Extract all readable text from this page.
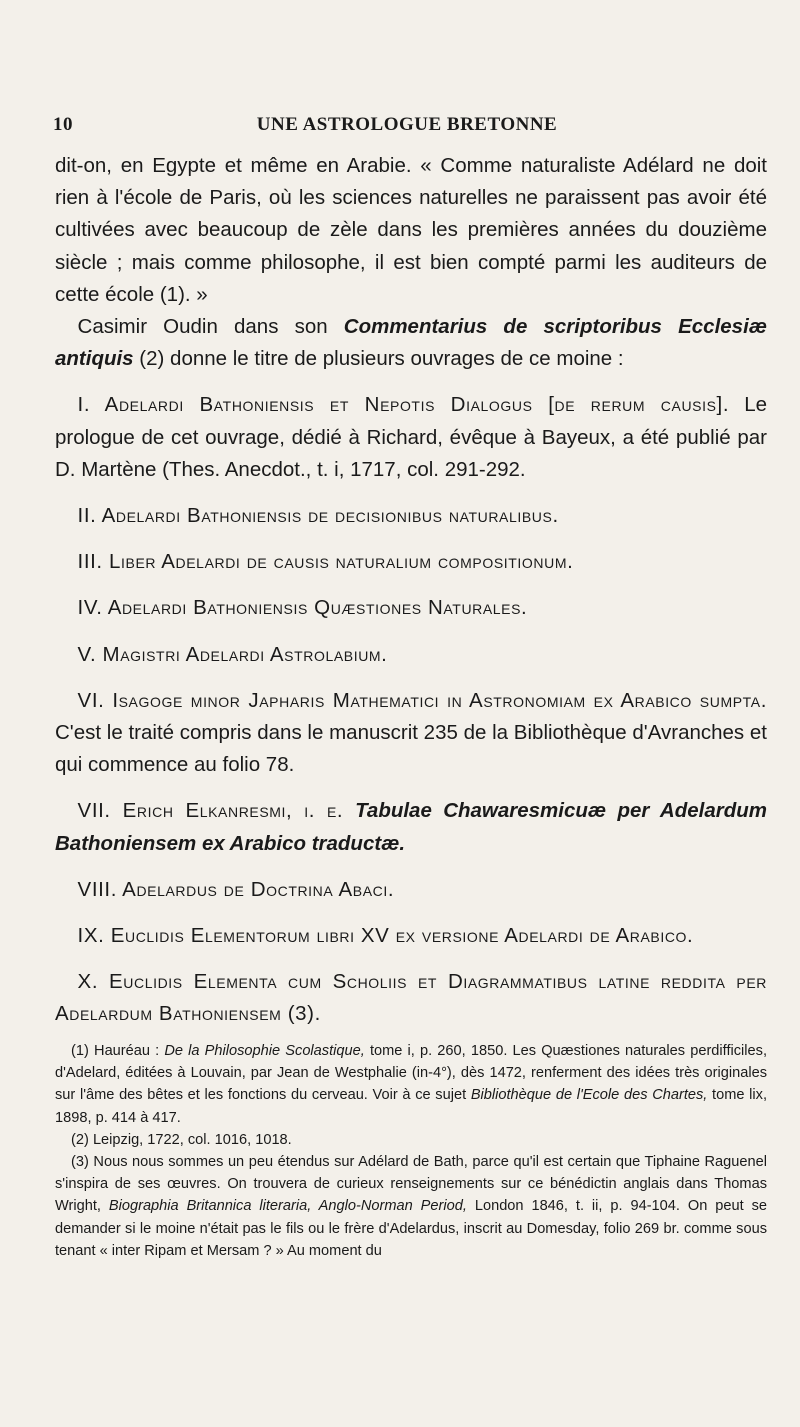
10	UNE ASTROLOGUE BRETONNE

dit-on, en Egypte et même en Arabie. « Comme naturaliste Adélard ne doit rien à l'école de Paris, où les sciences naturelles ne paraissent pas avoir été cultivées avec beaucoup de zèle dans les premières années du douzième siècle ; mais comme philosophe, il est bien compté parmi les auditeurs de cette école (1). »

Casimir Oudin dans son Commentarius de scriptoribus Ecclesiæ antiquis (2) donne le titre de plusieurs ouvrages de ce moine :

I. Adelardi Bathoniensis et Nepotis Dialogus [de rerum causis]. Le prologue de cet ouvrage, dédié à Richard, évêque à Bayeux, a été publié par D. Martène (Thes. Anecdot., t. i, 1717, col. 291-292.

II. Adelardi Bathoniensis de decisionibus naturalibus.

III. Liber Adelardi de causis naturalium compositionum.

IV. Adelardi Bathoniensis Quæstiones Naturales.

V. Magistri Adelardi Astrolabium.

VI. Isagoge minor Japharis Mathematici in Astronomiam ex Arabico sumpta. C'est le traité compris dans le manuscrit 235 de la Bibliothèque d'Avranches et qui commence au folio 78.

VII. Erich Elkanresmi, i. e. Tabulae Chawaresmicuæ per Adelardum Bathoniensem ex Arabico traductæ.

VIII. Adelardus de Doctrina Abaci.

IX. Euclidis Elementorum libri XV ex versione Adelardi de Arabico.

X. Euclidis Elementa cum Scholiis et Diagrammatibus latine reddita per Adelardum Bathoniensem (3).

(1) Hauréau : De la Philosophie Scolastique, tome i, p. 260, 1850. Les Quæstiones naturales perdifficiles, d'Adelard, éditées à Louvain, par Jean de Westphalie (in-4°), dès 1472, renferment des idées très originales sur l'âme des bêtes et les fonctions du cerveau. Voir à ce sujet Bibliothèque de l'Ecole des Chartes, tome lix, 1898, p. 414 à 417.

(2) Leipzig, 1722, col. 1016, 1018.

(3) Nous nous sommes un peu étendus sur Adélard de Bath, parce qu'il est certain que Tiphaine Raguenel s'inspira de ses œuvres. On trouvera de curieux renseignements sur ce bénédictin anglais dans Thomas Wright, Biographia Britannica literaria, Anglo-Norman Period, London 1846, t. ii, p. 94-104. On peut se demander si le moine n'était pas le fils ou le frère d'Adelardus, inscrit au Domesday, folio 269 br. comme sous tenant « inter Ripam et Mersam ? » Au moment du
